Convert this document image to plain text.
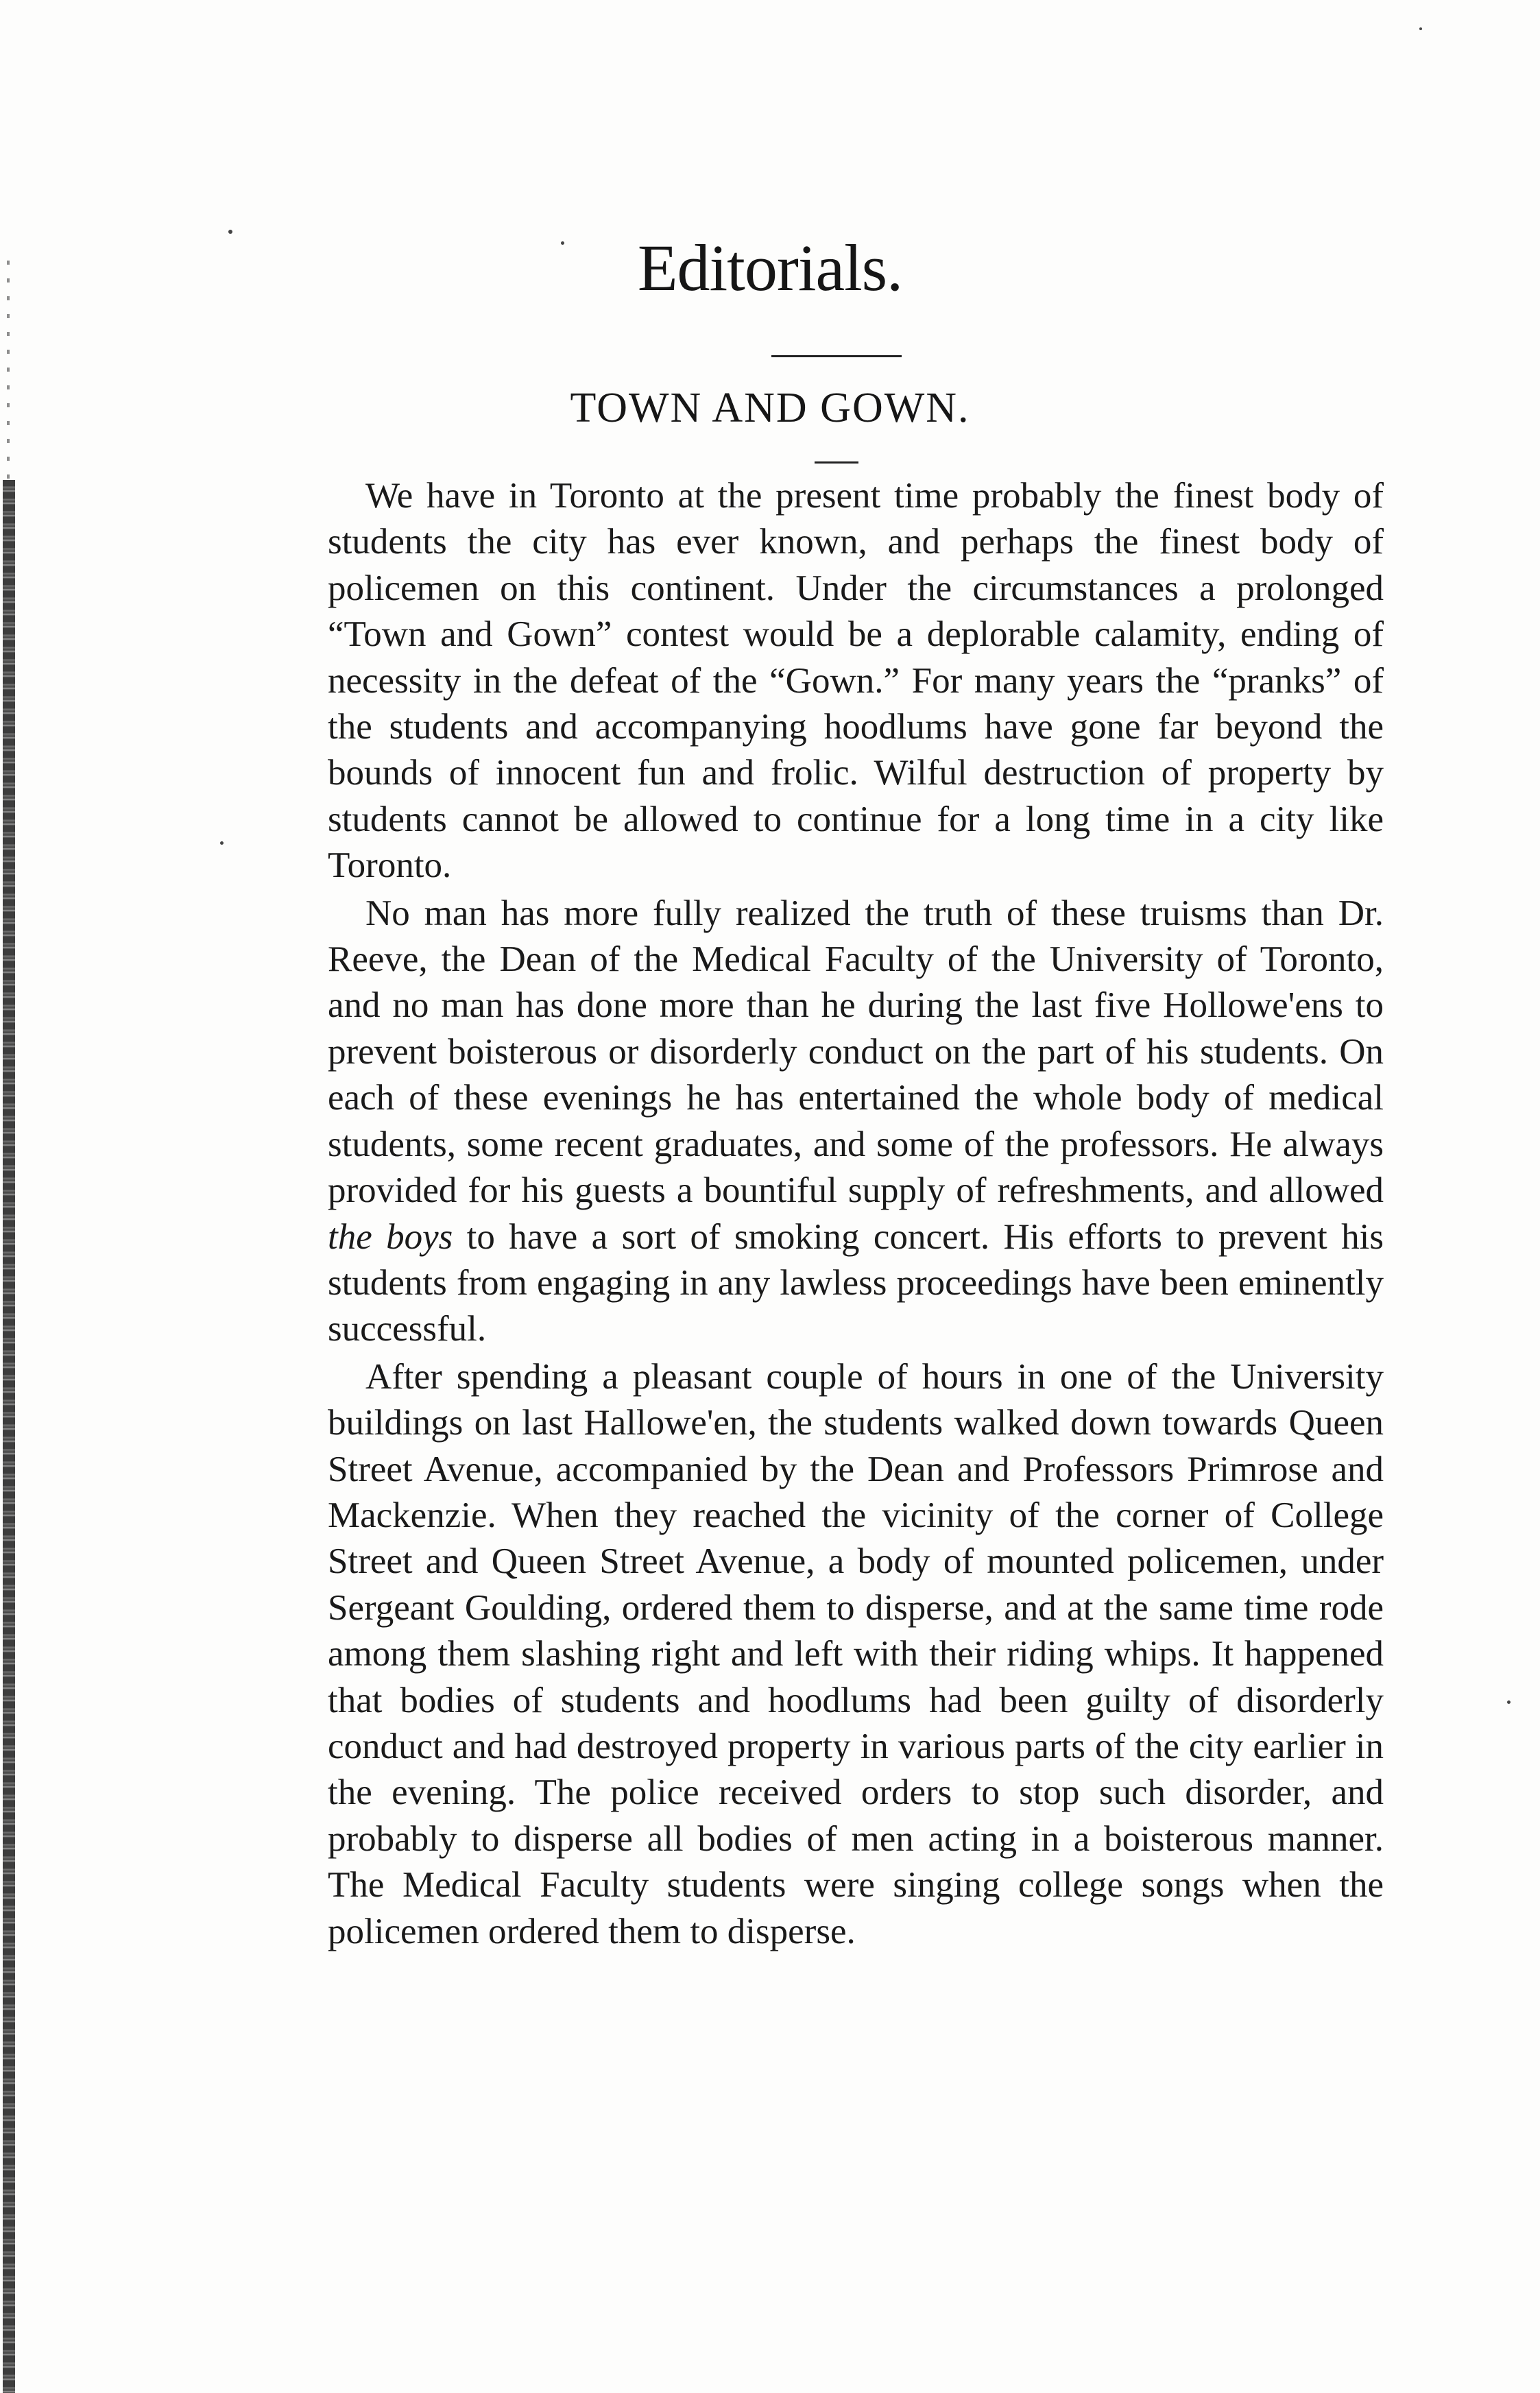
Editorials.
TOWN AND GOWN.

We have in Toronto at the present time probably the finest body of students the city has ever known, and perhaps the finest body of policemen on this continent. Under the circumstances a prolonged “Town and Gown” contest would be a deplorable calamity, ending of necessity in the defeat of the “Gown.” For many years the “pranks” of the students and accompanying hoodlums have gone far beyond the bounds of innocent fun and frolic. Wilful destruction of property by students cannot be allowed to continue for a long time in a city like Toronto.

No man has more fully realized the truth of these truisms than Dr. Reeve, the Dean of the Medical Faculty of the University of Toronto, and no man has done more than he during the last five Hollowe'ens to prevent boisterous or disorderly conduct on the part of his students. On each of these evenings he has entertained the whole body of medical students, some recent graduates, and some of the professors. He always provided for his guests a bountiful supply of refreshments, and allowed the boys to have a sort of smoking concert. His efforts to prevent his students from engaging in any lawless proceedings have been eminently successful.

After spending a pleasant couple of hours in one of the University buildings on last Hallowe'en, the students walked down towards Queen Street Avenue, accompanied by the Dean and Professors Primrose and Mackenzie. When they reached the vicinity of the corner of College Street and Queen Street Avenue, a body of mounted policemen, under Sergeant Goulding, ordered them to disperse, and at the same time rode among them slashing right and left with their riding whips. It happened that bodies of students and hoodlums had been guilty of disorderly conduct and had destroyed property in various parts of the city earlier in the evening. The police received orders to stop such disorder, and probably to disperse all bodies of men acting in a boisterous manner. The Medical Faculty students were singing college songs when the policemen ordered them to disperse.
